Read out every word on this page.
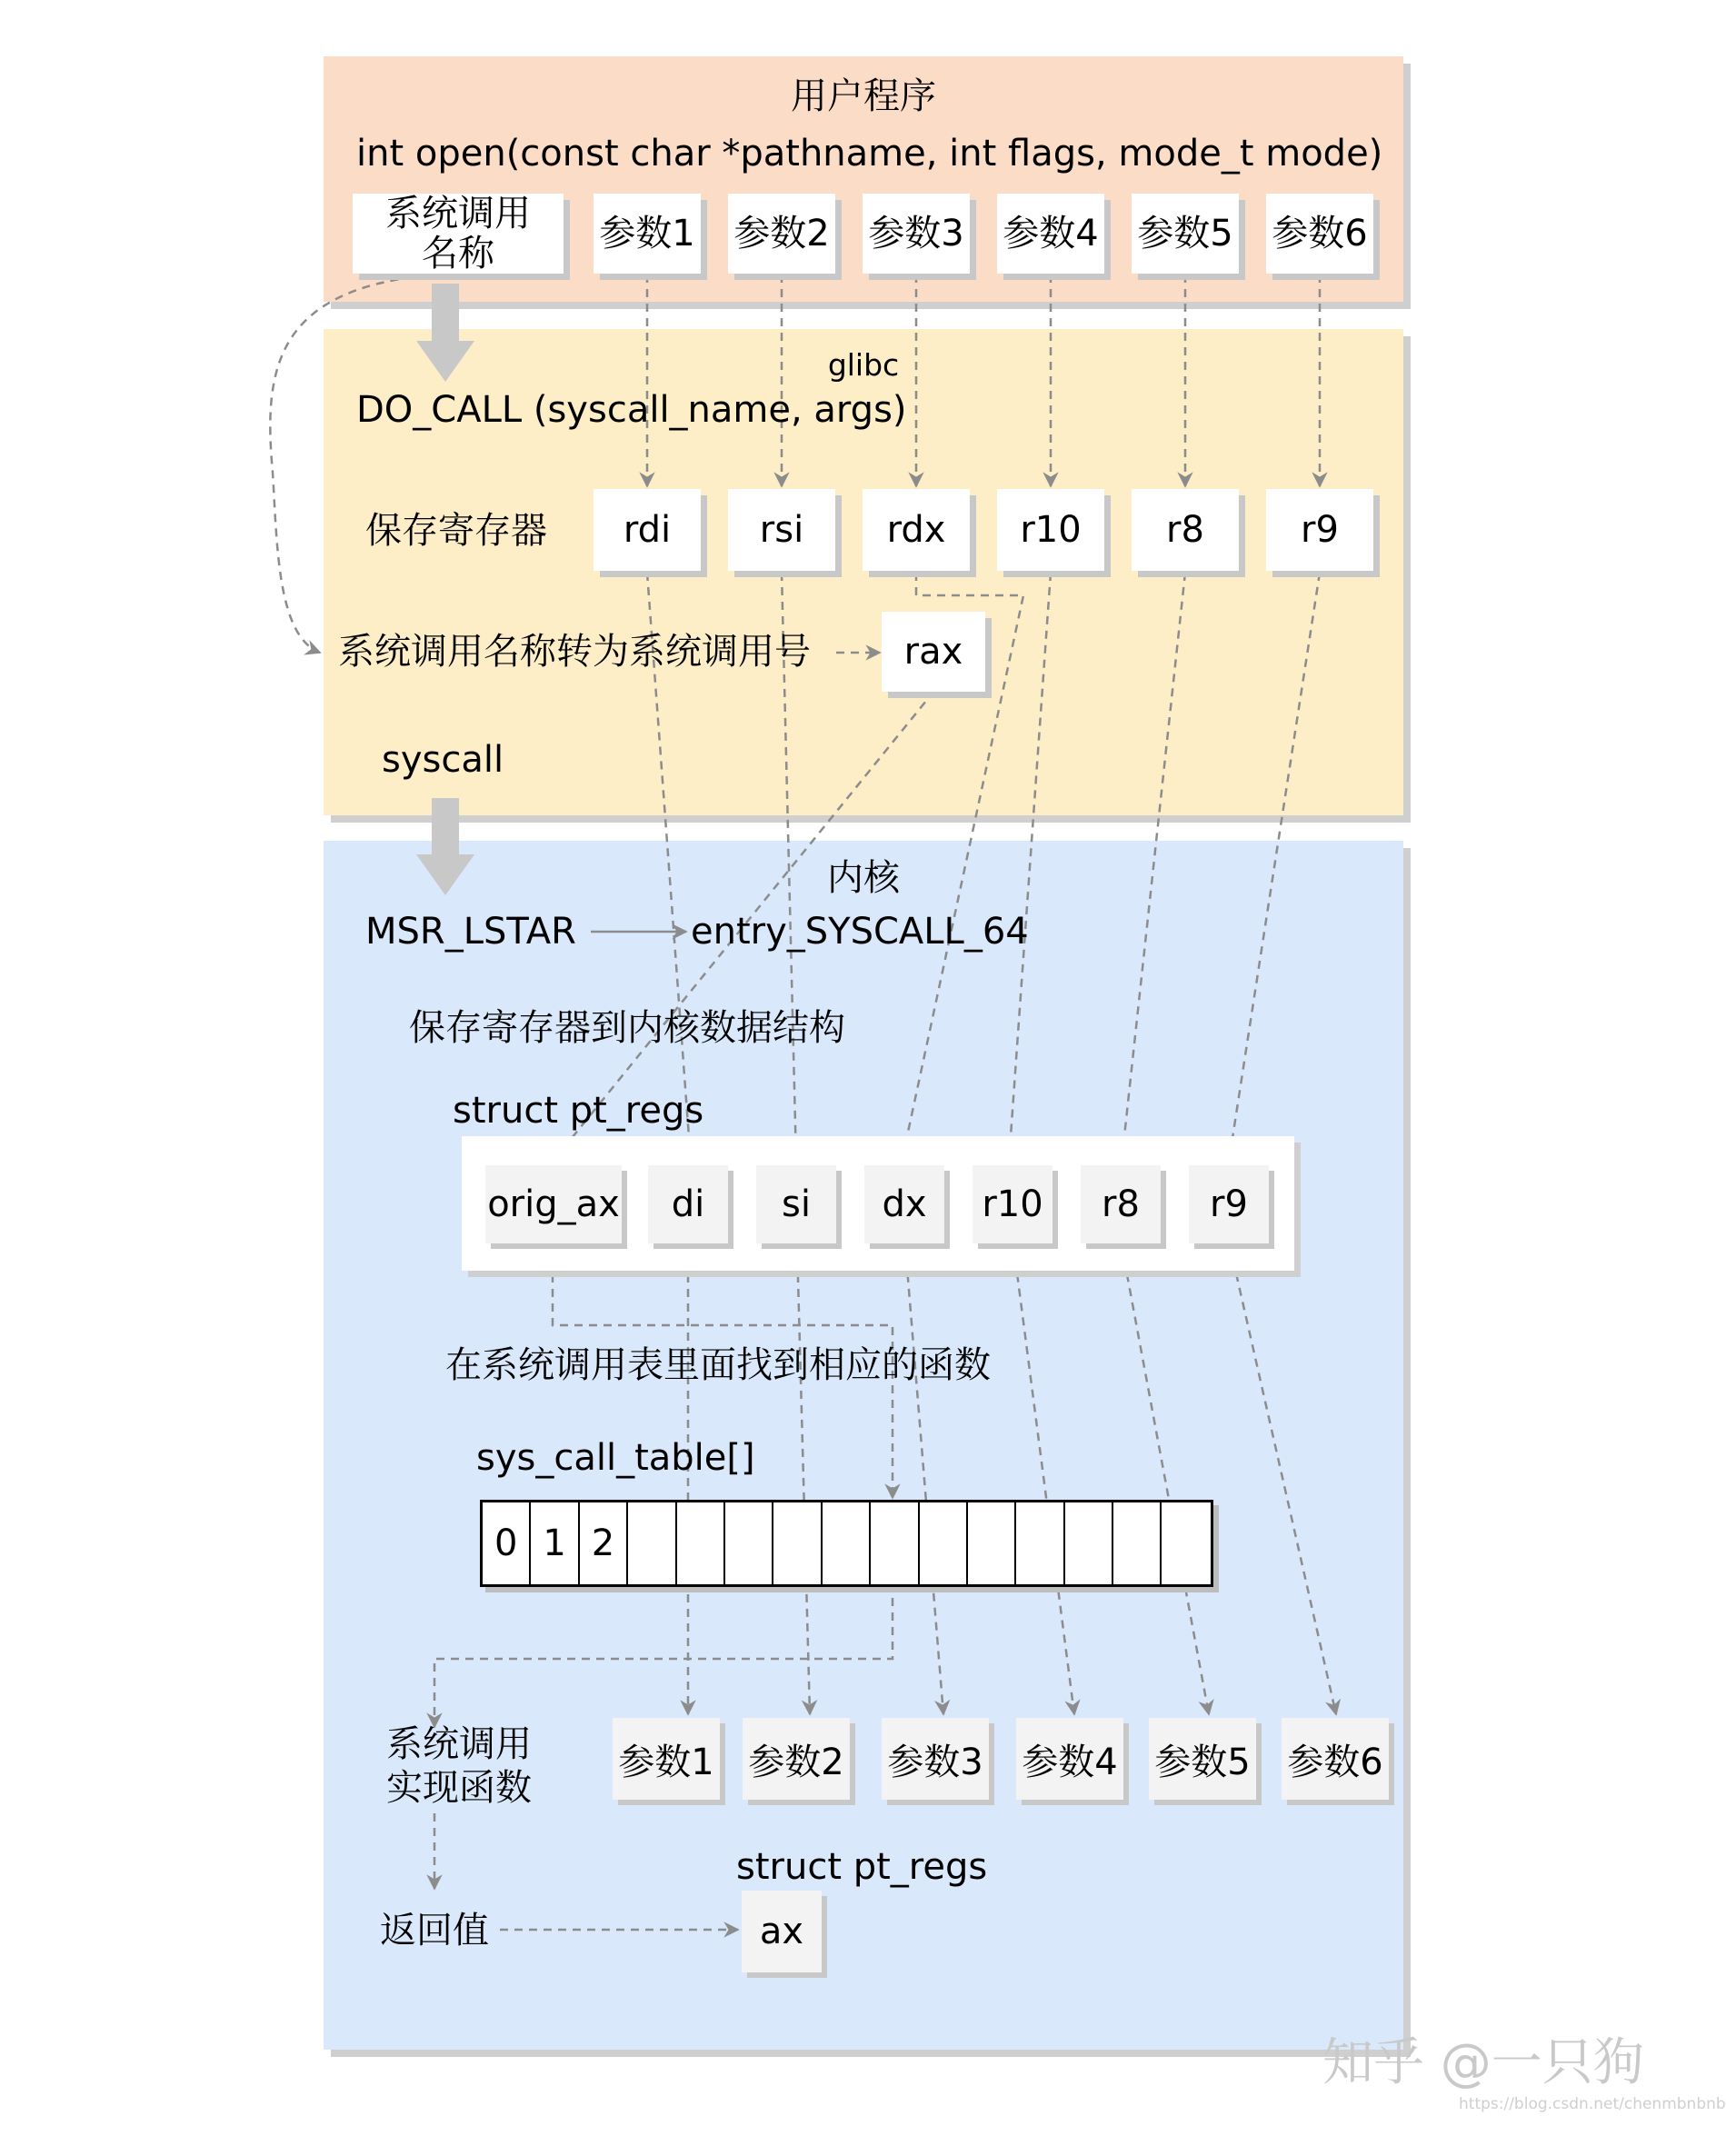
用户程序
int open(const char *pathname, int flags, mode_t mode)
系统调用名称	参数1 参数2 参数3 参数4 参数5 参数6
glibc
DO_CALL (syscall_name, args)
保存寄存器 rdi rsi rdx r10 r8	r9
系统调用名称转为系统调用号	rax
syscall
内核
MSR_LSTAR	entry_SYSCALL_64
保存寄存器到内核数据结构
struct pt_regs
orig_ax di si dx r10 r8 r9
在系统调用表里面找到相应的函数
sys_call_table[]
0 1 2
系统调用实现函数
参数1 参数2 参数3 参数4 参数5 参数6
struct pt_regs
返回值	ax
知乎 @一只狗
https://blog.csdn.net/chenmbnbnb
